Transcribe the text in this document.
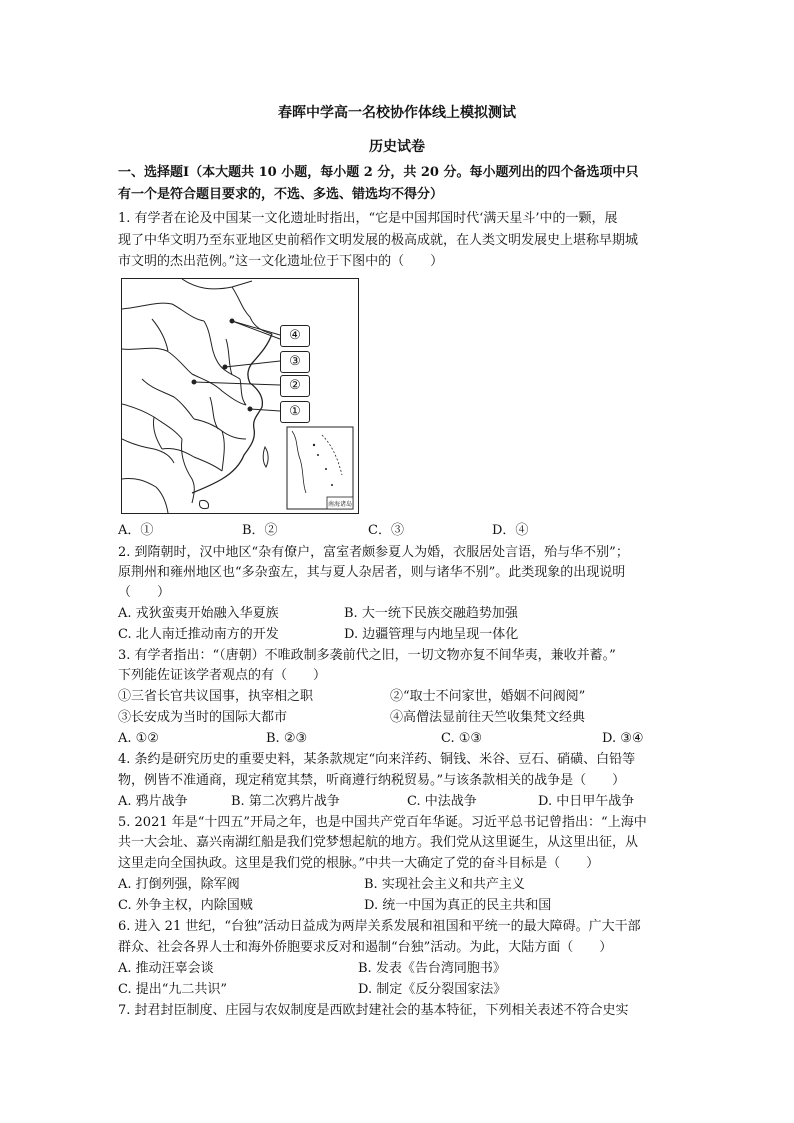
春晖中学高一名校协作体线上模拟测试
历史试卷
一、选择题Ⅰ（本大题共 10 小题，每小题 2 分，共 20 分。每小题列出的四个备选项中只
有一个是符合题目要求的，不选、多选、错选均不得分）
1. 有学者在论及中国某一文化遗址时指出，“它是中国邦国时代‘满天星斗’中的一颗，展
现了中华文明乃至东亚地区史前稻作文明发展的极高成就，在人类文明发展史上堪称早期城
市文明的杰出范例。”这一文化遗址位于下图中的（　　）
④
③
②
①
南海诸岛
A．①	B．②	C．③	D．④
2. 到隋朝时，汉中地区“杂有僚户，富室者颇参夏人为婚，衣服居处言语，殆与华不别”；
原荆州和雍州地区也“多杂蛮左，其与夏人杂居者，则与诸华不别”。此类现象的出现说明
（　　）
A. 戎狄蛮夷开始融入华夏族	B. 大一统下民族交融趋势加强
C. 北人南迁推动南方的开发	D. 边疆管理与内地呈现一体化
3. 有学者指出：“（唐朝）不唯政制多袭前代之旧，一切文物亦复不间华夷，兼收并蓄。”
下列能佐证该学者观点的有（　　）
①三省长官共议国事，执宰相之职	②“取士不问家世，婚姻不问阀阅”
③长安成为当时的国际大都市	④高僧法显前往天竺收集梵文经典
A. ①②	B. ②③	C. ①③	D. ③④
4. 条约是研究历史的重要史料，某条款规定“向来洋药、铜钱、米谷、豆石、硝磺、白铅等
物，例皆不准通商，现定稍宽其禁，听商遵行纳税贸易。”与该条款相关的战争是（　　）
A. 鸦片战争	B. 第二次鸦片战争	C. 中法战争	D. 中日甲午战争
5. 2021 年是“十四五”开局之年，也是中国共产党百年华诞。习近平总书记曾指出：“上海中
共一大会址、嘉兴南湖红船是我们党梦想起航的地方。我们党从这里诞生，从这里出征，从
这里走向全国执政。这里是我们党的根脉。”中共一大确定了党的奋斗目标是（　　）
A. 打倒列强，除军阀	B. 实现社会主义和共产主义
C. 外争主权，内除国贼	D. 统一中国为真正的民主共和国
6. 进入 21 世纪，“台独”活动日益成为两岸关系发展和祖国和平统一的最大障碍。广大干部
群众、社会各界人士和海外侨胞要求反对和遏制“台独”活动。为此，大陆方面（　　）
A. 推动汪辜会谈	B. 发表《告台湾同胞书》
C. 提出“九二共识”	D. 制定《反分裂国家法》
7. 封君封臣制度、庄园与农奴制度是西欧封建社会的基本特征，下列相关表述不符合史实
